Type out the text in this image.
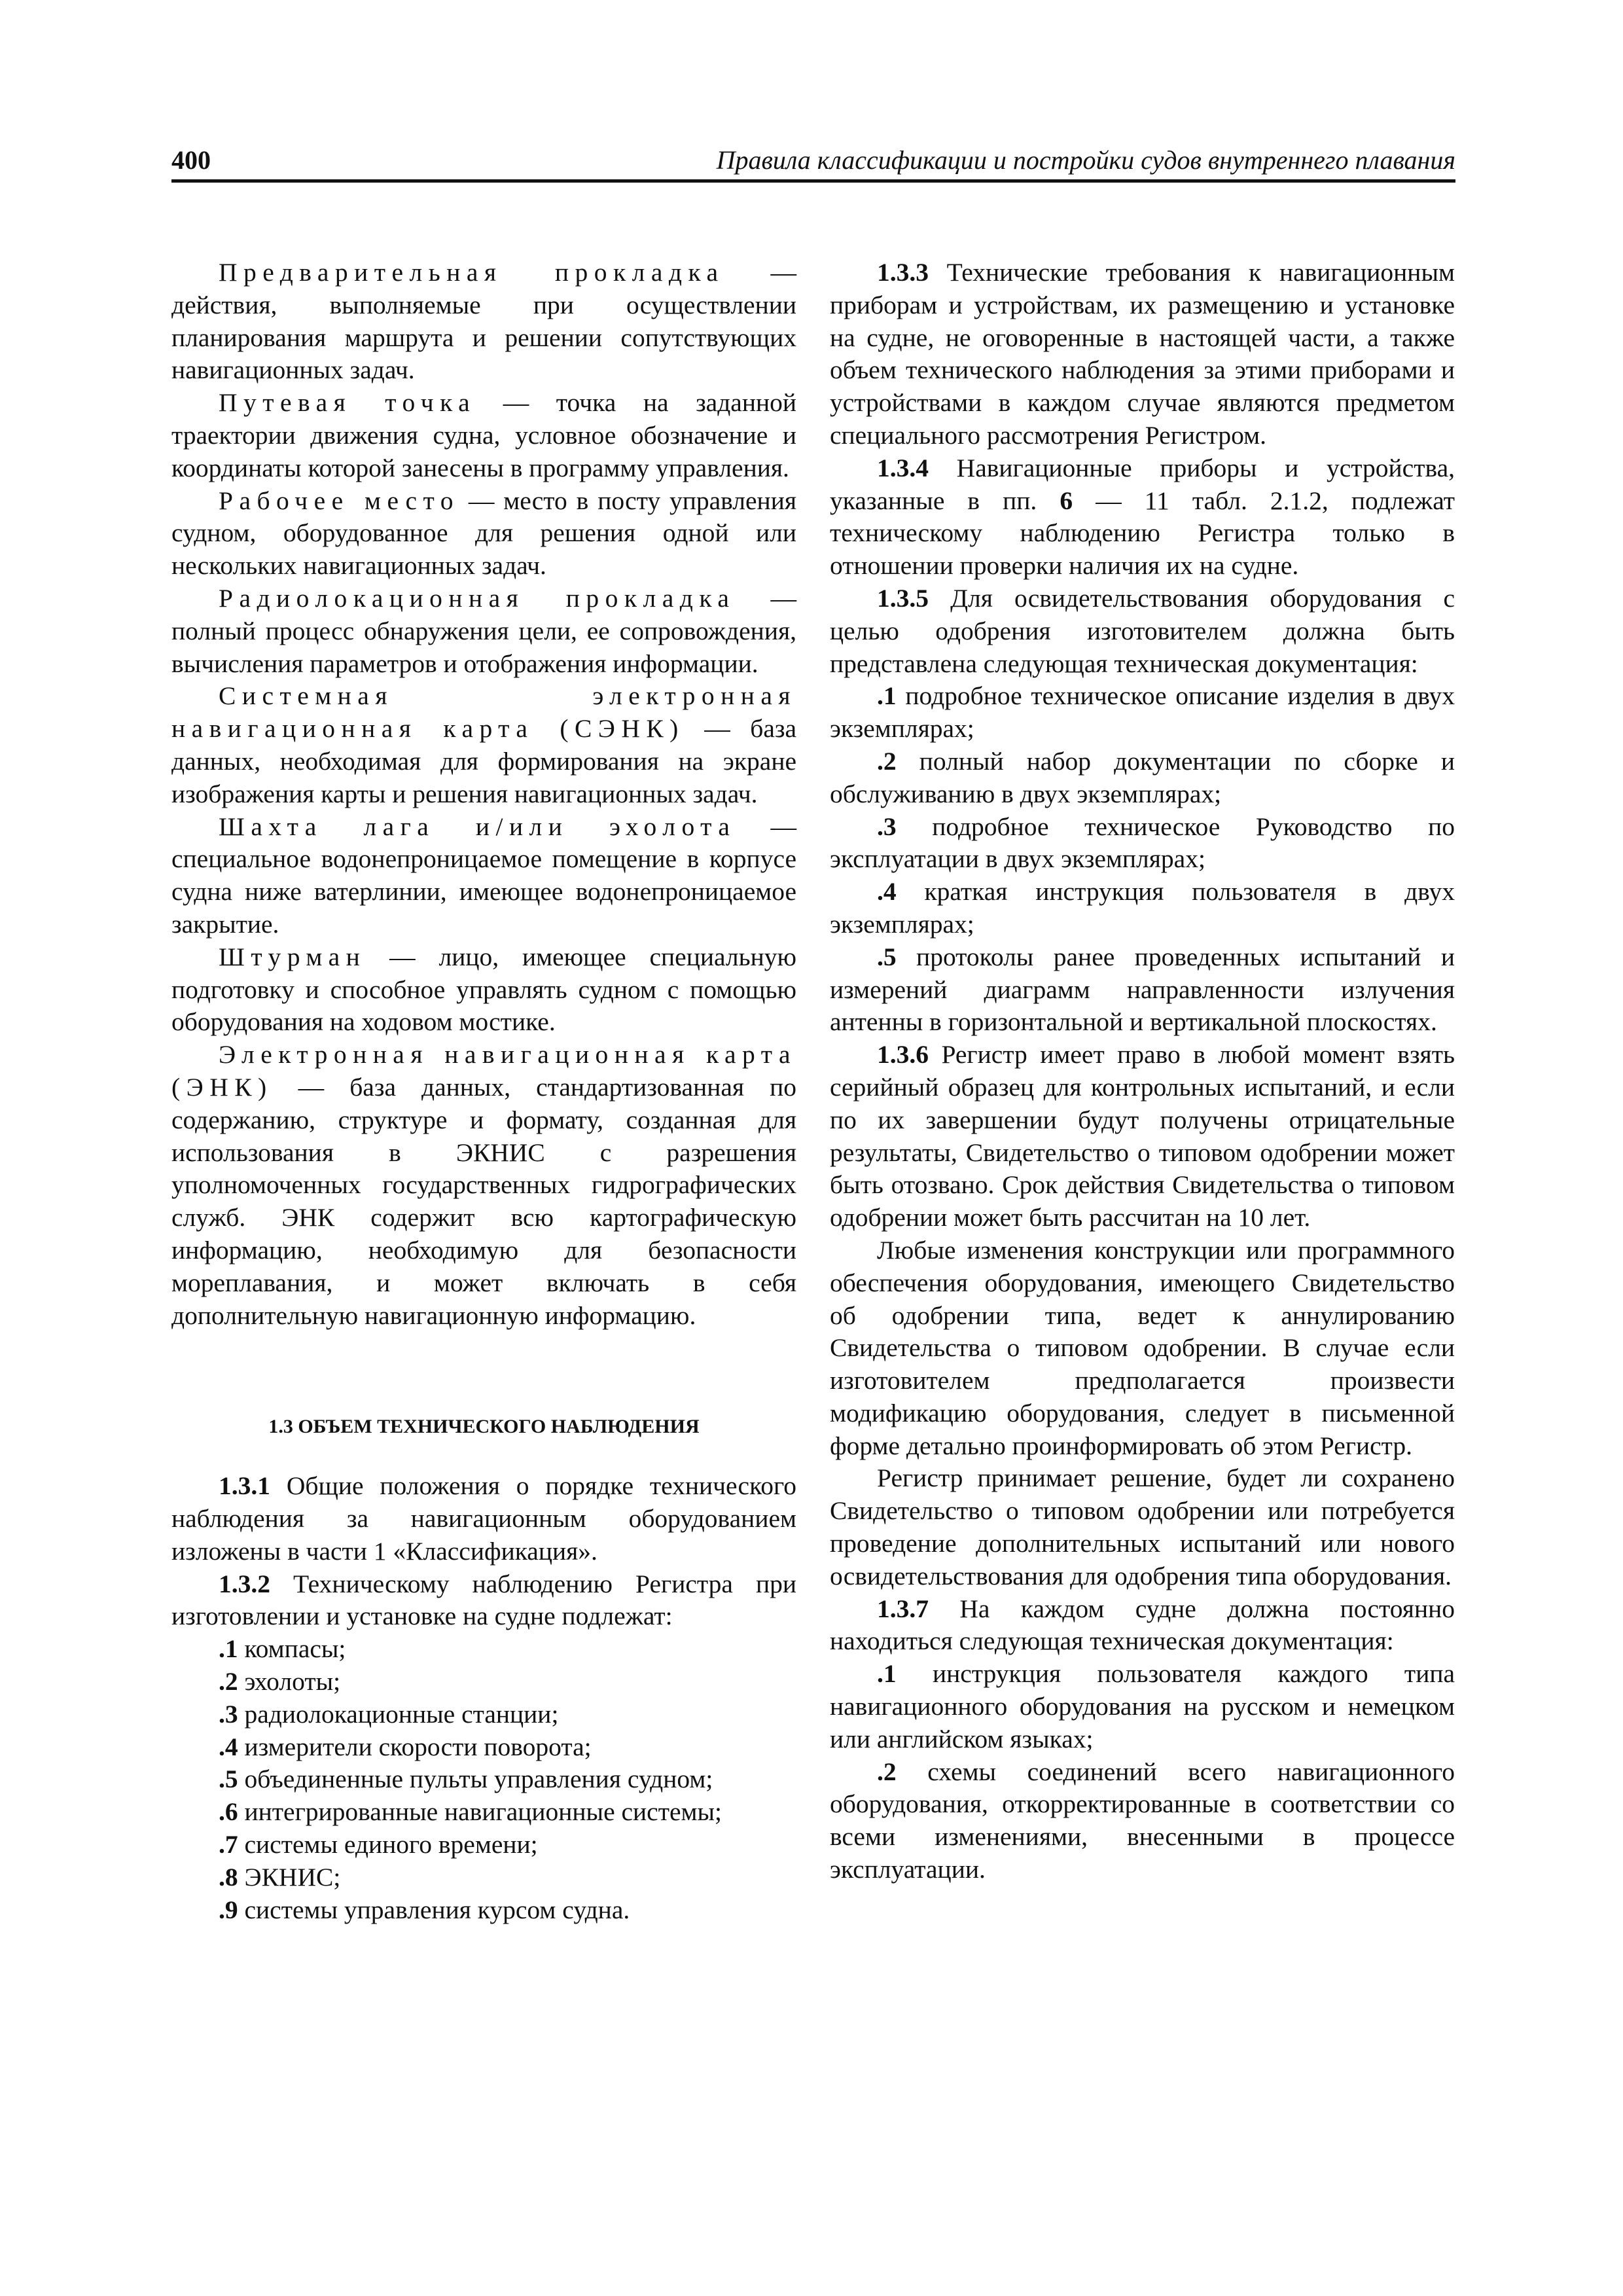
400	Правила классификации и постройки судов внутреннего плавания

Предварительная прокладка — действия, выполняемые при осуществлении планирования маршрута и решении сопутствующих навигационных задач.

Путевая точка — точка на заданной траектории движения судна, условное обозначение и координаты которой занесены в программу управления.

Рабочее место — место в посту управления судном, оборудованное для решения одной или нескольких навигационных задач.

Радиолокационная прокладка — полный процесс обнаружения цели, ее сопровождения, вычисления параметров и отображения информации.

Системная электронная навигационная карта (СЭНК) — база данных, необходимая для формирования на экране изображения карты и решения навигационных задач.

Шахта лага и/или эхолота — специальное водонепроницаемое помещение в корпусе судна ниже ватерлинии, имеющее водонепроницаемое закрытие.

Штурман — лицо, имеющее специальную подготовку и способное управлять судном с помощью оборудования на ходовом мостике.

Электронная навигационная карта (ЭНК) — база данных, стандартизованная по содержанию, структуре и формату, созданная для использования в ЭКНИС с разрешения уполномоченных государственных гидрографических служб. ЭНК содержит всю картографическую информацию, необходимую для безопасности мореплавания, и может включать в себя дополнительную навигационную информацию.

1.3 ОБЪЕМ ТЕХНИЧЕСКОГО НАБЛЮДЕНИЯ

1.3.1 Общие положения о порядке технического наблюдения за навигационным оборудованием изложены в части 1 «Классификация».

1.3.2 Техническому наблюдению Регистра при изготовлении и установке на судне подлежат:

.1 компасы;

.2 эхолоты;

.3 радиолокационные станции;

.4 измерители скорости поворота;

.5 объединенные пульты управления судном;

.6 интегрированные навигационные системы;

.7 системы единого времени;

.8 ЭКНИС;

.9 системы управления курсом судна.

1.3.3 Технические требования к навигационным приборам и устройствам, их размещению и установке на судне, не оговоренные в настоящей части, а также объем технического наблюдения за этими приборами и устройствами в каждом случае являются предметом специального рассмотрения Регистром.

1.3.4 Навигационные приборы и устройства, указанные в пп. 6 — 11 табл. 2.1.2, подлежат техническому наблюдению Регистра только в отношении проверки наличия их на судне.

1.3.5 Для освидетельствования оборудования с целью одобрения изготовителем должна быть представлена следующая техническая документация:

.1 подробное техническое описание изделия в двух экземплярах;

.2 полный набор документации по сборке и обслуживанию в двух экземплярах;

.3 подробное техническое Руководство по эксплуатации в двух экземплярах;

.4 краткая инструкция пользователя в двух экземплярах;

.5 протоколы ранее проведенных испытаний и измерений диаграмм направленности излучения антенны в горизонтальной и вертикальной плоскостях.

1.3.6 Регистр имеет право в любой момент взять серийный образец для контрольных испытаний, и если по их завершении будут получены отрицательные результаты, Свидетельство о типовом одобрении может быть отозвано. Срок действия Свидетельства о типовом одобрении может быть рассчитан на 10 лет.

Любые изменения конструкции или программного обеспечения оборудования, имеющего Свидетельство об одобрении типа, ведет к аннулированию Свидетельства о типовом одобрении. В случае если изготовителем предполагается произвести модификацию оборудования, следует в письменной форме детально проинформировать об этом Регистр.

Регистр принимает решение, будет ли сохранено Свидетельство о типовом одобрении или потребуется проведение дополнительных испытаний или нового освидетельствования для одобрения типа оборудования.

1.3.7 На каждом судне должна постоянно находиться следующая техническая документация:

.1 инструкция пользователя каждого типа навигационного оборудования на русском и немецком или английском языках;

.2 схемы соединений всего навигационного оборудования, откорректированные в соответствии со всеми изменениями, внесенными в процессе эксплуатации.
